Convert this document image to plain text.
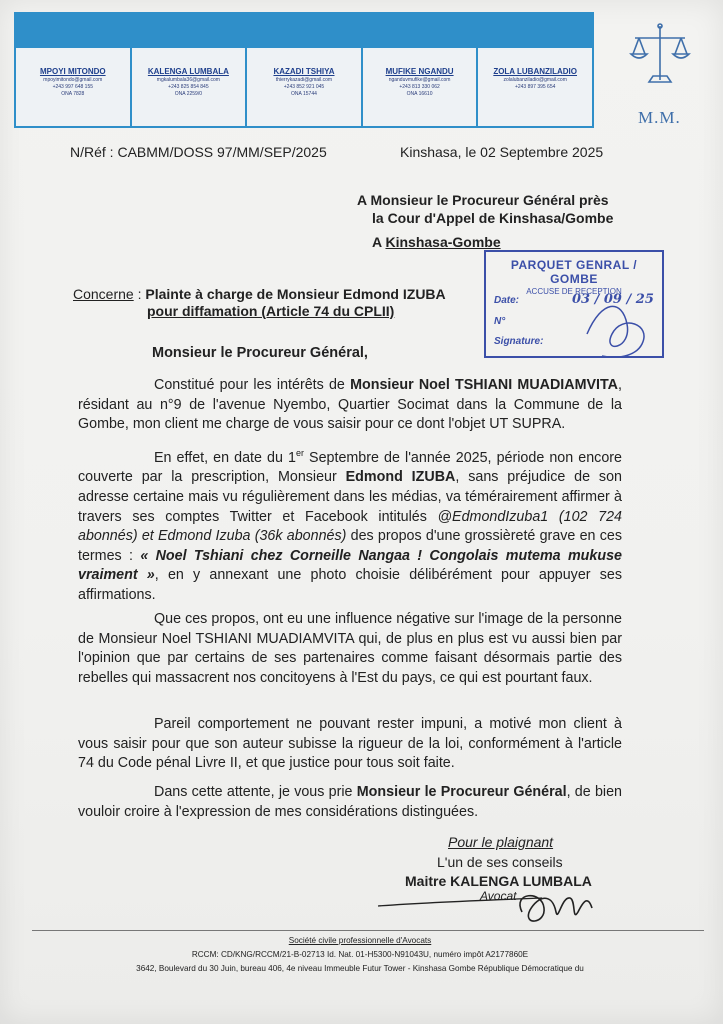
MPOYI MITONDO
mpoyimitondo@gmail.com
+243 997 648 155
ONA 7828
KALENGA LUMBALA
mgkalumbala36@gmail.com
+243 825 854 845
ONA 2259/0
KAZADI TSHIYA
thierrykazadi@gmail.com
+243 852 921 045
ONA 15744
MUFIKE NGANDU
nganduvmufike@gmail.com
+243 813 330 062
ONA 16610
ZOLA LUBANZILADIO
zolalubanziladio@gmail.com
+243 897 395 654
M.M.
N/Réf : CABMM/DOSS 97/MM/SEP/2025	Kinshasa, le 02 Septembre 2025
A Monsieur le Procureur Général près
la Cour d'Appel de Kinshasa/Gombe
A Kinshasa-Gombe
PARQUET GENRAL / GOMBE
ACCUSE DE RECEPTION
Date:	03 / 09 / 25
N°
Signature:
Concerne : Plainte à charge de Monsieur Edmond IZUBA
pour diffamation (Article 74 du CPLII)
Monsieur le Procureur Général,
Constitué pour les intérêts de Monsieur Noel TSHIANI MUADIAMVITA, résidant au n°9 de l'avenue Nyembo, Quartier Socimat dans la Commune de la Gombe, mon client me charge de vous saisir pour ce dont l'objet UT SUPRA.
En effet, en date du 1er Septembre de l'année 2025, période non encore couverte par la prescription, Monsieur Edmond IZUBA, sans préjudice de son adresse certaine mais vu régulièrement dans les médias, va témérairement affirmer à travers ses comptes Twitter et Facebook intitulés @EdmondIzuba1 (102 724 abonnés) et Edmond Izuba (36k abonnés) des propos d'une grossièreté grave en ces termes : « Noel Tshiani chez Corneille Nangaa ! Congolais mutema mukuse vraiment », en y annexant une photo choisie délibérément pour appuyer ses affirmations.
Que ces propos, ont eu une influence négative sur l'image de la personne de Monsieur Noel TSHIANI MUADIAMVITA qui, de plus en plus est vu aussi bien par l'opinion que par certains de ses partenaires comme faisant désormais partie des rebelles qui massacrent nos concitoyens à l'Est du pays, ce qui est pourtant faux.
Pareil comportement ne pouvant rester impuni, a motivé mon client à vous saisir pour que son auteur subisse la rigueur de la loi, conformément à l'article 74 du Code pénal Livre II, et que justice pour tous soit faite.
Dans cette attente, je vous prie Monsieur le Procureur Général, de bien vouloir croire à l'expression de mes considérations distinguées.
Pour le plaignant
L'un de ses conseils
Maitre KALENGA LUMBALA
Avocat
Société civile professionnelle d'Avocats
RCCM: CD/KNG/RCCM/21-B-02713 Id. Nat. 01-H5300-N91043U, numéro impôt A2177860E
3642, Boulevard du 30 Juin, bureau 406, 4e niveau Immeuble Futur Tower - Kinshasa Gombe République Démocratique du
